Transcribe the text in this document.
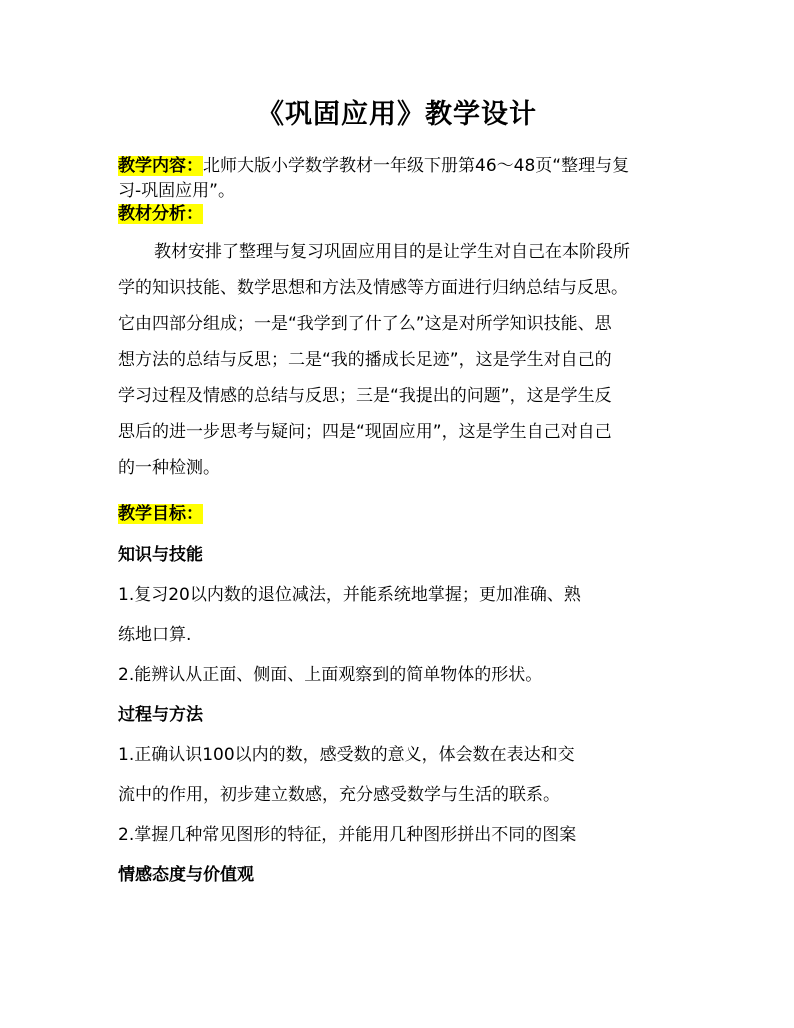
《巩固应用》教学设计
教学内容：北师大版小学数学教材一年级下册第46～48页“整理与复
习-巩固应用”。
教材分析：
教材安排了整理与复习巩固应用目的是让学生对自己在本阶段所
学的知识技能、数学思想和方法及情感等方面进行归纳总结与反思。
它由四部分组成；一是“我学到了什了么”这是对所学知识技能、思
想方法的总结与反思；二是“我的播成长足迹”，这是学生对自己的
学习过程及情感的总结与反思；三是“我提出的问题”，这是学生反
思后的进一步思考与疑问；四是“现固应用”，这是学生自己对自己
的一种检测。
教学目标：
知识与技能
1.复习20以内数的退位减法，并能系统地掌握；更加准确、熟
练地口算.
2.能辨认从正面、侧面、上面观察到的简单物体的形状。
过程与方法
1.正确认识100以内的数，感受数的意义，体会数在表达和交
流中的作用，初步建立数感，充分感受数学与生活的联系。
2.掌握几种常见图形的特征，并能用几种图形拼出不同的图案
情感态度与价值观
